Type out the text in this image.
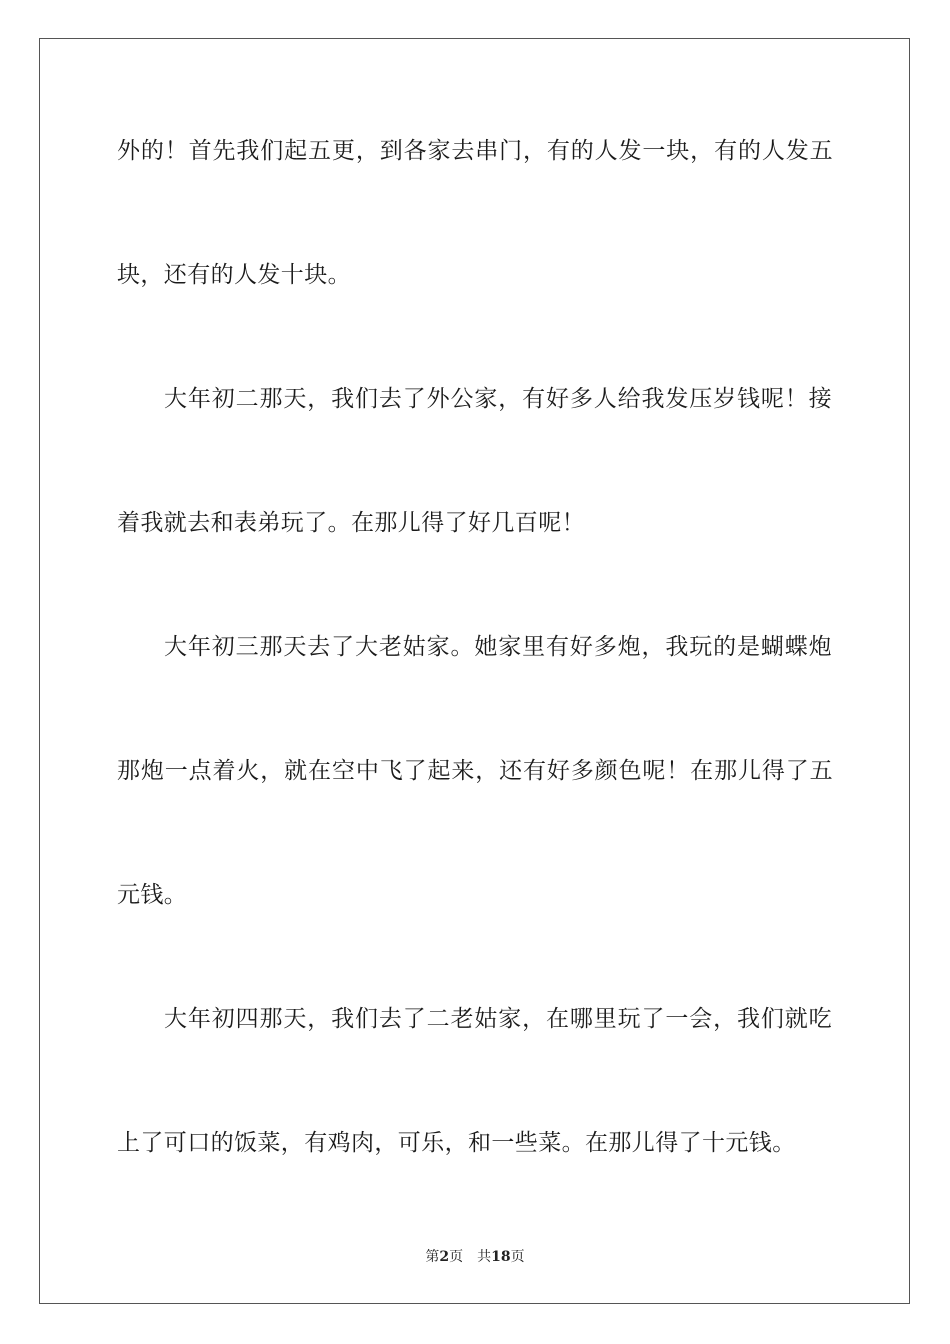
外的！首先我们起五更，到各家去串门，有的人发一块，有的人发五
块，还有的人发十块。
大年初二那天，我们去了外公家，有好多人给我发压岁钱呢！接
着我就去和表弟玩了。在那儿得了好几百呢！
大年初三那天去了大老姑家。她家里有好多炮，我玩的是蝴蝶炮
那炮一点着火，就在空中飞了起来，还有好多颜色呢！在那儿得了五
元钱。
大年初四那天，我们去了二老姑家，在哪里玩了一会，我们就吃
上了可口的饭菜，有鸡肉，可乐，和一些菜。在那儿得了十元钱。
第2页 共18页
